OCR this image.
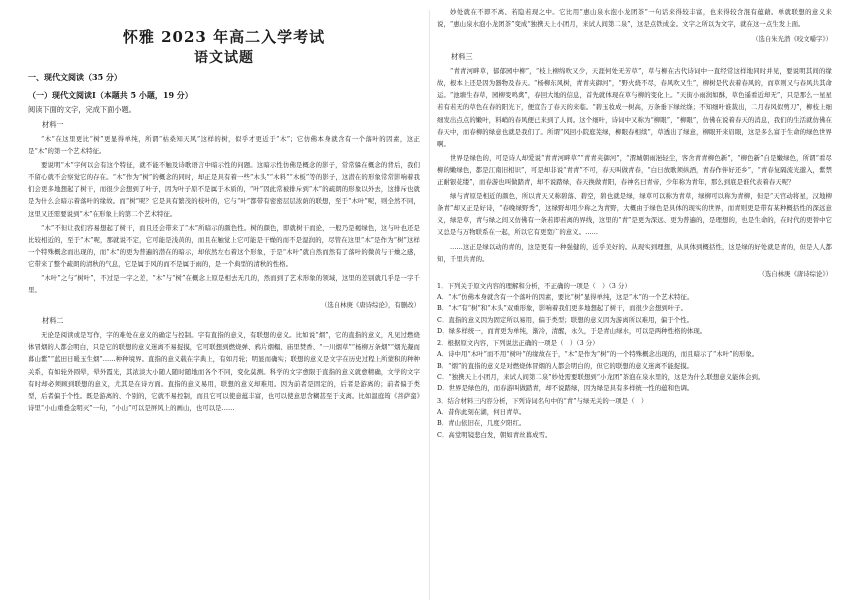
怀雅 2023 年高二入学考试
语文试题
一、现代文阅读（35 分）
（一）现代文阅读Ⅰ（本题共 5 小题，19 分）
阅读下面的文字，完成下面小题。
材料一

“木”在这里更比“树”更显得单纯，所谓“枯桑知天风”这样的树，似乎才更近于“木”；它仿佛本身就含有一个落叶的因素，这正是“木”的第一个艺术特征。

要说明“木”字何以会有这个特征，就不能不触及诗歌语言中暗示性的问题。这暗示性仿佛是概念的影子，常常躲在概念的背后，我们不留心就不会察觉它的存在。“木”作为“树”的概念的同时，却正是具有着一些“木头”“木料”“木板”等的影子，这潜在的形象常常影响着我们会更多地想起了树干，而很少会想到了叶子，因为叶子原不是属于木质的，“叶”因此常被排斥到“木”的疏朗的形象以外去，这排斥也就是为什么会暗示着落叶的缘故。而“树”呢？它是具有繁茂的枝叶的，它与“叶”都带有密密层层浓荫的联想，至于“木叶”呢，则全然不同，这里又还需要说到“木”在形象上的第二个艺术特征。

“木”不但让我们容易想起了树干，而且还会带来了“木”所暗示的颜色性。树的颜色，即就树干而论，一般乃是褐绿色，这与叶也还是比较相近的，至于“木”呢，那就说不定，它可能是浅黄的，而且在触觉上它可能是干燥的而不是湿润的，尽管在这里“木”是作为“树”这样一个特殊概念而出现的，而“木”的更为普遍的潜在的暗示，却依然左右着这个形象，于是“木叶”就自然而然有了落叶的微黄与干燥之感，它带来了整个疏朗的清秋的气息，它是属于风的而不是属于雨的，是一个典型的清秋的性格。

“木叶”之与“树叶”，不过是一字之差，“木”与“树”在概念上原是相去无几的，然而到了艺术形象的领域，这里的差别就几乎是一字千里。

（选自林庚《唐诗综论》，有删改）
材料二

无论是阅读或是写作，字的难处在意义的确定与控制。字有直指的意义，有联想的意义。比如说“烟”，它的直指的意义，凡见过燃烧体冒烟的人都会明白，只是它的联想的意义迷离不易捉摸，它可联想到燃烧弹、鸦片烟榻、庙里焚香、“一川烟草”“杨柳万条烟”“烟光凝而暮山紫”“蓝田日暖玉生烟”……种种境界。直指的意义载在字典上，有如月轮；明显而确实；联想的意义是文字在历史过程上所蒙积的种种关系，有如轮外圆晕，晕外霞光，其浓淡大小随人随时随地而各个不同，变化莫测。科学的文字愈限于直指的意义就愈精确，文学的文字有时却必须顾到联想的意义，尤其是在诗方面。直指的意义易用，联想的意义却难用。因为前者是固定的，后者是游离的；前者偏于类型，后者偏于个性。既是游离的、个别的，它就不易控制，而且它可以使意蕴丰富，也可以使意思含糊甚至于支离。比如温庭筠《菩萨蛮》诗里“小山重叠金明灭”一句，“小山”可以是屏风上的画山，也可以是……

妙处就在不即不离、若隐若现之中。它比用“惠山泉水泡小龙团茶”一句话来得较丰富，也来得较含混有蕴藉。单就联想的意义来说，“惠山泉水泡小龙团茶”变成“独携天上小团月，来试人间第二泉”，这是点铁成金。文字之所以为文字，就在这一点生发上面。

（选自朱光潜《咬文嚼字》）
材料三

“青青河畔草，郁郁园中柳”，“枝上柳绵吹又少，天涯何处无芳草”，草与柳在古代诗词中一直经常这样地同时并见，要说明其间的缘故，根本上还是因为器物及春天。“杨柳东风树，青青夹御河”，“野火烧不尽，春风吹又生”，柳树是代表着春风的，而草则又与春风共其命运。“池塘生春草，园柳变鸣禽”，春回大地的信息，首先就体现在草与柳的变化上。“天街小雨润如酥，草色遥看近却无”，只是那么一星星若有若无的草色在春的阳光下，便宣告了春天的来临。“碧玉妆成一树高，万条垂下绿丝绦；不知细叶谁裁出，二月春风似剪刀”，柳枝上细细发出点点的嫩叶，料峭的春风便已来到了人间。这个细叶，诗词中又称为“柳眼”，“柳眼”，仿佛在说着春天的消息，我们的生活就仿佛在春天中，而春柳的绿意也就是我们了。所谓“风回小院庭芜绿，柳眼春相续”，草透出了绿意，柳眼开来眉眼，这是多么富于生命的绿色世界啊。

世界是绿色的，可是诗人却爱说“青青河畔草”“青青夹御河”，“渭城朝雨浥轻尘，客舍青青柳色新”，“柳色新”自是嫩绿色，所谓“看尽柳的嫩绿色，都是江南旧相识”，可是却非说“青青”不可，春天叫做青春，“白日放歌须纵酒，青春作伴好还乡”，“青春复隔流光邈入，紫禁正耐银花缕”，而春游也叫做踏青，却不说踏绿，春天换做青阳，春神名曰青帝，少年称为青年，那么到底是谁代表着春天呢？

绿与青原是相近的颜色，所以青天又称碧落、碧空，碧也就是绿，绿草可以称为青草，绿柳可以称为青柳，但是“天官动将星，汉地柳条青”却又正是好诗，“春晚绿野秀”，这绿野却用少称之为青野，大概由于绿色是具体的现实的世界，而青则更是带有某种概括性的深远意义，绿是草，青与绿之间又仿佛有一条若即若离的界线，这里的“青”是更为深远、更为普遍的，是理想的，也是生命的，在时代的更替中它又总是与万物联系在一起，所以它有更宽广的意义。……

……这正是绿以动的青的，这是更有一种强健的，近乎美好的。从现实到理想，从具体到概括性，这是绿的好处就是青的，但是人人都知，千里共青的。

（选自林庚《唐诗综论》）
1．下列关于原文内容的理解和分析，不正确的一项是（　）（3 分）
A．“木”仿佛本身就含有一个落叶的因素，要比“树”显得单纯，这是“木”的一个艺术特征。
B．“木”有“树”和“木头”双重形象，影响着我们更多地想起了树干，而很少会想到叶子。
C．直指的意义因为固定所以易用，偏于类型；联想的意义因为游离所以难用，偏于个性。
D．绿多样统一，而青更为单纯，渐冷，清醒，永久，于是青山绿水，可以是两种性格的体现。
2．根据原文内容，下列说法正确的一项是（　）（3 分）
A．诗中用“木叶”而不用“树叶”的缘故在于，“木”是作为“树”的一个特殊概念出现的，而且暗示了“木叶”的形象。
B．“烟”的直指的意义是对燃烧体冒烟的人都会明白的，但它的联想的意义迷离不能捉摸。
C．“独携天上小团月，来试人间第二泉”妙处需要联想到“小龙团”茶泡在泉水里的，这是为什么联想意义能体会到。
D．世界是绿色的，而春游叫做踏青，却不说踏绿，因为绿是具有多样统一性的蕴和色调。
3．结合材料三内容分析，下列诗词名句中的“青”与绿无关的一项是（　）
A．昔你此刻在湖，何日青草。
B．青山依旧在，几度夕阳红。
C．高堂明镜悲白发，朝如青丝暮成雪。
